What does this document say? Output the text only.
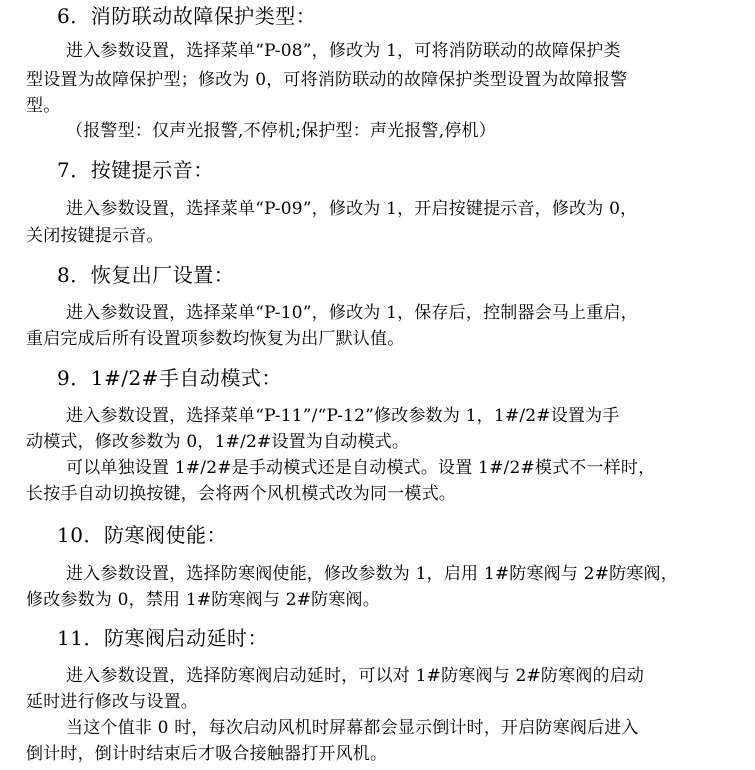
6．消防联动故障保护类型：
进入参数设置，选择菜单“P-08”，修改为 1，可将消防联动的故障保护类
型设置为故障保护型；修改为 0，可将消防联动的故障保护类型设置为故障报警
型。
（报警型：仅声光报警,不停机;保护型：声光报警,停机）
7．按键提示音：
进入参数设置，选择菜单“P-09”，修改为 1，开启按键提示音，修改为 0，
关闭按键提示音。
8．恢复出厂设置：
进入参数设置，选择菜单“P-10”，修改为 1，保存后，控制器会马上重启，
重启完成后所有设置项参数均恢复为出厂默认值。
9．1#/2#手自动模式：
进入参数设置，选择菜单“P-11”/“P-12”修改参数为 1，1#/2#设置为手
动模式，修改参数为 0，1#/2#设置为自动模式。
可以单独设置 1#/2#是手动模式还是自动模式。设置 1#/2#模式不一样时，
长按手自动切换按键，会将两个风机模式改为同一模式。
10．防寒阀使能：
进入参数设置，选择防寒阀使能，修改参数为 1，启用 1#防寒阀与 2#防寒阀，
修改参数为 0，禁用 1#防寒阀与 2#防寒阀。
11．防寒阀启动延时：
进入参数设置，选择防寒阀启动延时，可以对 1#防寒阀与 2#防寒阀的启动
延时进行修改与设置。
当这个值非 0 时，每次启动风机时屏幕都会显示倒计时，开启防寒阀后进入
倒计时，倒计时结束后才吸合接触器打开风机。
